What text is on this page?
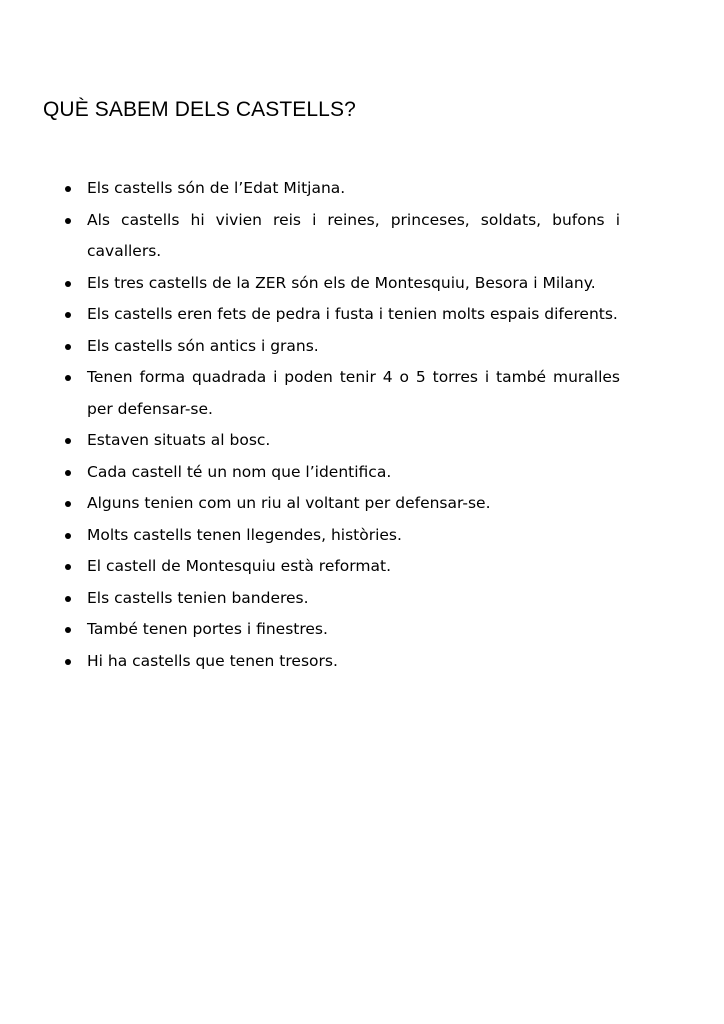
QUÈ SABEM DELS CASTELLS?
Els castells són de l’Edat Mitjana.
Als castells hi vivien reis i reines, princeses, soldats, bufons i cavallers.
Els tres castells de la ZER són els de Montesquiu, Besora i Milany.
Els castells eren fets de pedra i fusta i tenien molts espais diferents.
Els castells són antics i grans.
Tenen forma quadrada i poden tenir 4 o 5 torres i també muralles per defensar-se.
Estaven situats al bosc.
Cada castell té un nom que l’identifica.
Alguns tenien com un riu al voltant per defensar-se.
Molts castells tenen llegendes, històries.
El castell de Montesquiu està reformat.
Els castells tenien banderes.
També tenen portes i finestres.
Hi ha castells que tenen tresors.
